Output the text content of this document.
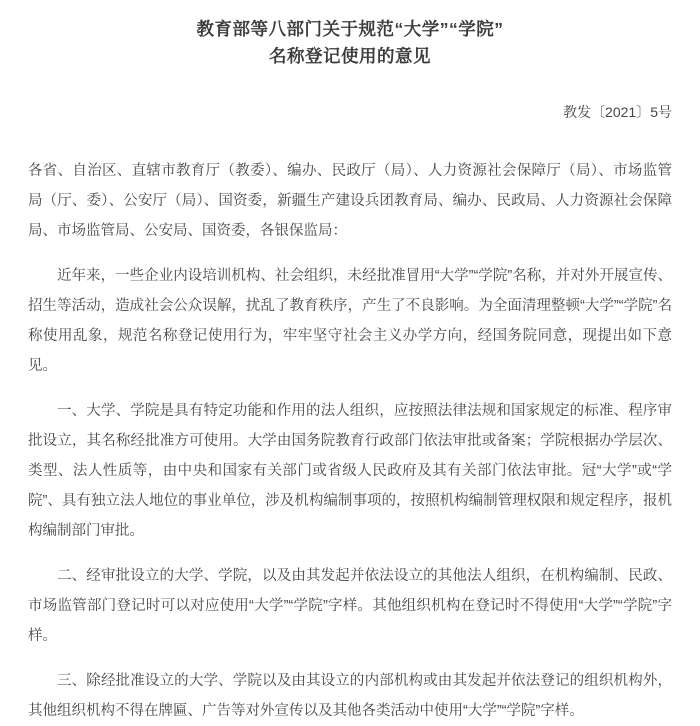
教育部等八部门关于规范“大学”“学院”
名称登记使用的意见
教发〔2021〕5号

各省、自治区、直辖市教育厅（教委）、编办、民政厅（局）、人力资源社会保障厅（局）、市场监管局（厅、委）、公安厅（局）、国资委，新疆生产建设兵团教育局、编办、民政局、人力资源社会保障局、市场监管局、公安局、国资委，各银保监局：

近年来，一些企业内设培训机构、社会组织，未经批准冒用“大学”“学院”名称，并对外开展宣传、招生等活动，造成社会公众误解，扰乱了教育秩序，产生了不良影响。为全面清理整顿“大学”“学院”名称使用乱象，规范名称登记使用行为，牢牢坚守社会主义办学方向，经国务院同意，现提出如下意见。

一、大学、学院是具有特定功能和作用的法人组织，应按照法律法规和国家规定的标准、程序审批设立，其名称经批准方可使用。大学由国务院教育行政部门依法审批或备案；学院根据办学层次、类型、法人性质等，由中央和国家有关部门或省级人民政府及其有关部门依法审批。冠“大学”或“学院”、具有独立法人地位的事业单位，涉及机构编制事项的，按照机构编制管理权限和规定程序，报机构编制部门审批。

二、经审批设立的大学、学院，以及由其发起并依法设立的其他法人组织，在机构编制、民政、市场监管部门登记时可以对应使用“大学”“学院”字样。其他组织机构在登记时不得使用“大学”“学院”字样。

三、除经批准设立的大学、学院以及由其设立的内部机构或由其发起并依法登记的组织机构外，其他组织机构不得在牌匾、广告等对外宣传以及其他各类活动中使用“大学”“学院”字样。
